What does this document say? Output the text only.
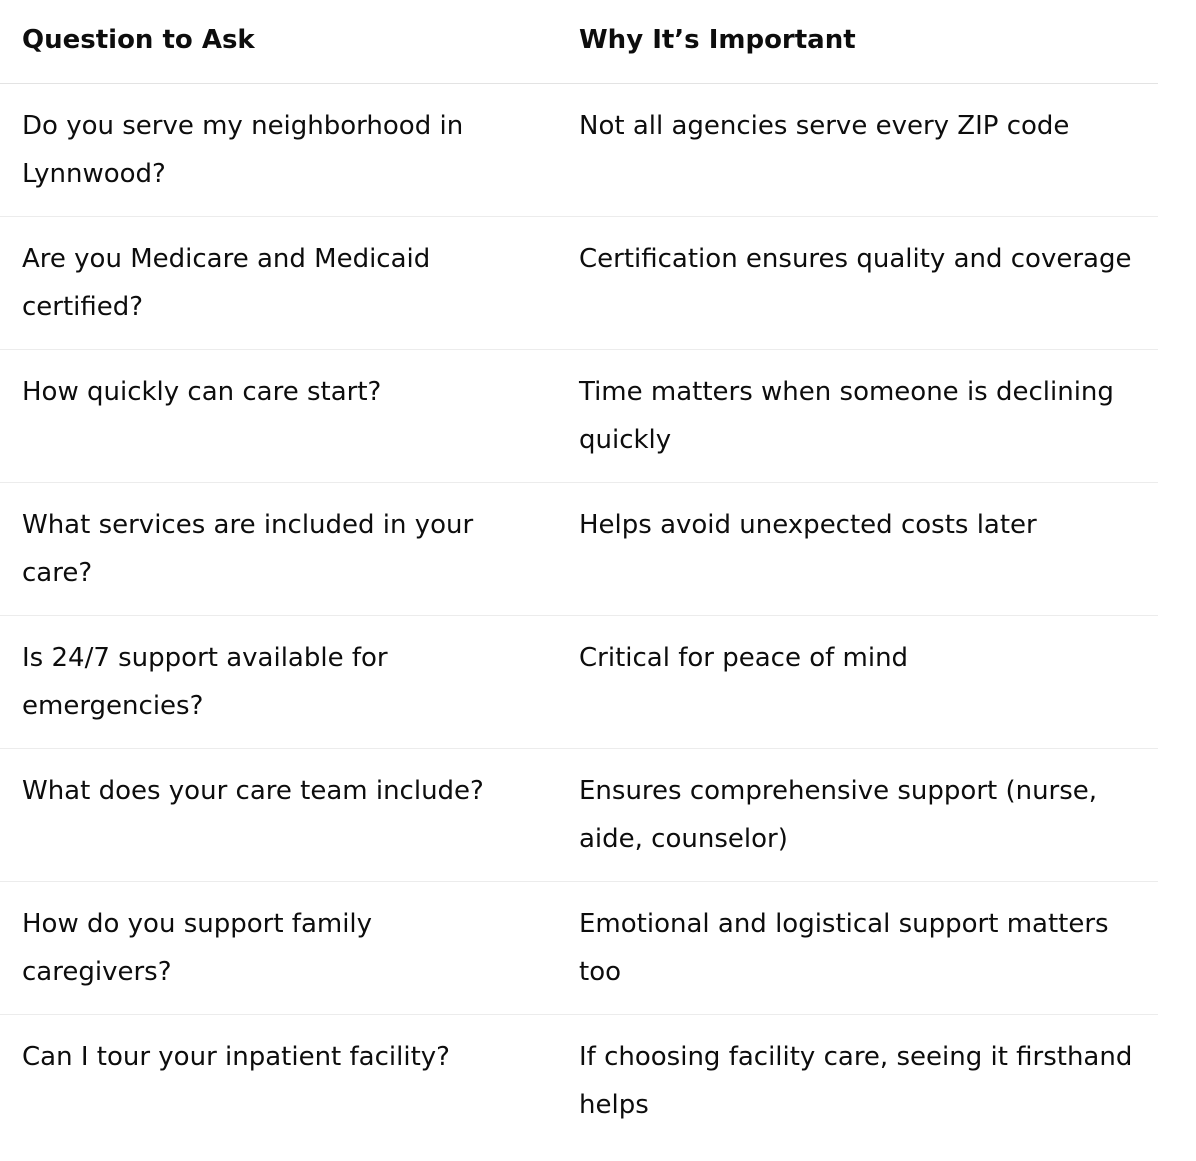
Question to Ask	Why It’s Important
Do you serve my neighborhood in Lynnwood?	Not all agencies serve every ZIP code
Are you Medicare and Medicaid certified?	Certification ensures quality and coverage
How quickly can care start?	Time matters when someone is declining quickly
What services are included in your care?	Helps avoid unexpected costs later
Is 24/7 support available for emergencies?	Critical for peace of mind
What does your care team include?	Ensures comprehensive support (nurse, aide, counselor)
How do you support family caregivers?	Emotional and logistical support matters too
Can I tour your inpatient facility?	If choosing facility care, seeing it firsthand helps
